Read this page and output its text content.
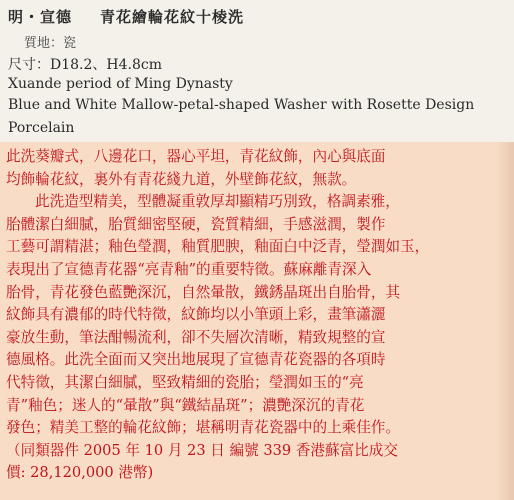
明・宣德 青花繪輪花紋十棱洗
質地：瓷
尺寸：D18.2、H4.8cm
Xuande period of Ming Dynasty
Blue and White Mallow-petal-shaped Washer with Rosette Design
Porcelain
此洗葵瓣式，八邊花口，器心平坦，青花紋飾，內心與底面
均飾輪花紋，裏外有青花綫九道，外壁飾花紋，無款。
此洗造型精美，型體凝重敦厚却顯精巧別致，格調素雅，
胎體潔白細膩，胎質細密堅硬，瓷質精細，手感滋潤，製作
工藝可謂精湛；釉色瑩潤，釉質肥腴，釉面白中泛青，瑩潤如玉，
表現出了宣德青花器“亮青釉”的重要特徵。蘇麻離青深入
胎骨，青花發色藍艷深沉，自然暈散，鐵銹晶斑出自胎骨，其
紋飾具有濃郁的時代特徵，紋飾均以小筆頭上彩，畫筆瀟灑
豪放生動，筆法酣暢流利，卻不失層次清晰，精致規整的宣
德風格。此洗全面而又突出地展現了宣德青花瓷器的各項時
代特徵，其潔白細膩，堅致精細的瓷胎；瑩潤如玉的“亮
青”釉色；迷人的“暈散”與“鐵結晶斑”；濃艷深沉的青花
發色；精美工整的輪花紋飾；堪稱明青花瓷器中的上乘佳作。
（同類器件 2005 年 10 月 23 日 編號 339 香港蘇富比成交
價: 28,120,000 港幣)
